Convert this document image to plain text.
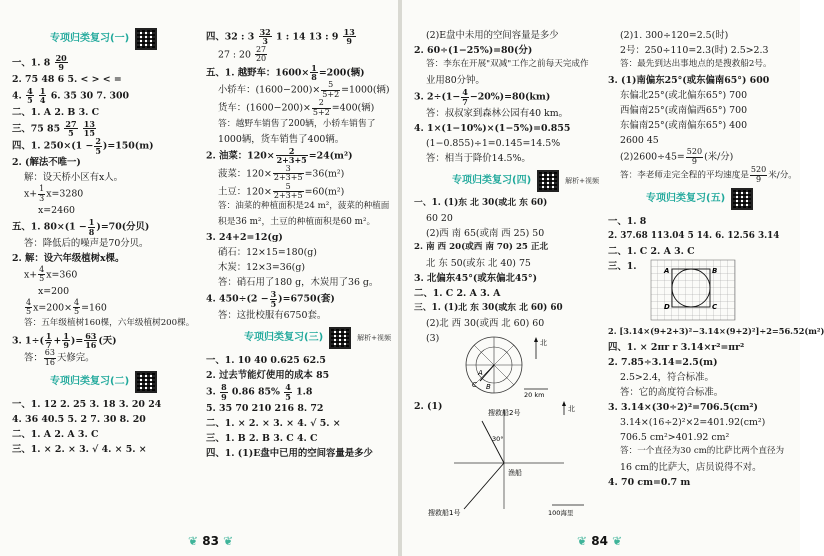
专项归类复习(一)
一、1. $8 \frac{20}{9}$
2. 75 48 6 5. < > < =
4. $\frac{4}{5}$
$\frac{1}{4} 6$. 35 30 7. 300
二、1. A 2. B 3. C
三、75 $85 \frac{27}{5}$
$\frac{13}{15}$
四、1. $250\times(1 - \frac{2}{5} )=150(m)$
2. (解法不唯一)
解：设天桥小区有x人。
$x+ \frac{1}{3} x=3280$
x=2460
五、1. $80\times(1 - \frac{1}{8} )=70$(分贝)
答：降低后的噪声是70分贝。
2. 解：设六年级植树x棵。
$x+ \frac{4}{5} x=360$
x=200
$\frac{4}{5} x=200\times \frac{4}{5} =160$
答：五年级植树160棵，六年级植树200棵。
3. $1\div( \frac{1}{7} + \frac{1}{9}$ )= $\frac{63}{16}$ (天)
答： $\frac{63}{16}$ 天修完。
专项归类复习(二)
一、1. 12 2. 25 3. 18 3. 20 24
4. 36 40.5 5. 2 7. 30 8. 20
二、1. A 2. A 3. C
三、1. × 2. × 3. √ 4. × 5. ×
四、32 : $3 \frac{32}{3} 1$ : 14 13 : $9 \frac{13}{9}$
27 : $20 \frac{27}{20}$
五、1. 越野车：$1600\times \frac{1}{8} =200$(辆)
小轿车：$(1600-200)\times \frac{5}{5+2} =1000$(辆)
货车：$(1600-200)\times \frac{2}{5+2} =400$(辆)
答：越野车销售了200辆，小轿车销售了
1000辆，货车销售了400辆。
2. 油菜：$120\times \frac{2}{2+3+5} =24(m^2)$
菠菜：$120\times \frac{3}{2+3+5} =36(m^2)$
土豆：$120\times \frac{5}{2+3+5} =60(m^2)$
答：油菜的种植面积是24 m²，菠菜的种植面
积是36 m²，土豆的种植面积是60 m²。
3. 24+2=12(g)
硝石：12×15=180(g)
木炭：12×3=36(g)
答：硝石用了180 g，木炭用了36 g。
4. $450\div(2 - \frac{3}{5} )=6750$(套)
答：这批校服有6750套。
专项归类复习(三)	解析+视频
一、1. 10 40 0.625 62.5
2. 过去节能灯使用的成本 85
3. $\frac{8}{9} 0.86$ $85\% \frac{4}{5} 1.8$
5. 35 70 210 216 8. 72
二、1. × 2. × 3. × 4. √ 5. ×
三、1. B 2. B 3. C 4. C
四、1. (1)E盘中已用的空间容量是多少
❦ 83 ❦
(2)E盘中未用的空间容量是多少
2. 60÷(1−25%)=80(分)
答：李东在开展"双减"工作之前每天完成作
业用80分钟。
3. $2\div(1- \frac{4}{7} -20\%)=80(km)$
答：叔叔家到森林公园有40 km。
4. 1×(1−10%)×(1−5%)=0.855
(1−0.855)÷1=0.145=14.5%
答：相当于降价14.5%。
专项归类复习(四)	解析+视频
一、1. (1)东 北 30(或北 东 60)
60 20
(2)西 南 65(或南 西 25) 50
2. 南 西 20(或西 南 70) 25 正北
北 东 50(或东 北 40) 75
3. 北偏东45°(或东偏北45°)
二、1. C 2. A 3. A
三、1. (1)北 东 30(或东 北 60) 60
(2)北 西 30(或西 北 60) 60
(3)
A
B
C
北
20 km
2. (1)
搜救船2号
30°
渔船
搜救船1号
北
100海里
(2)1. 300÷120=2.5(时)
2号：250÷110=2.3(时) 2.5>2.3
答：最先到达出事地点的是搜救船2号。
3. (1)南偏东25°(或东偏南65°) 600
东偏北25°(或北偏东65°) 700
西偏南25°(或南偏西65°) 700
东偏南25°(或南偏东65°) 400
2600 45
$(2)2600\div 45= \frac{520}{9}$ (米/分)
答：李老师走完全程的平均速度是 $\frac{520}{9}$ 米/分。
专项归类复习(五)
一、1. 8
2. 37.68 113.04 5 14. 6. 12.56 3.14
二、1. C 2. A 3. C
三、1.	A	B
D	C
2. [3.14×(9+2+3)²−3.14×(9+2)²]÷2=56.52(m²)
四、1. × 2πr r 3.14×r²=πr²
2. 7.85÷3.14=2.5(m)
2.5>2.4，符合标准。
答：它的高度符合标准。
3. 3.14×(30÷2)²=706.5(cm²)
3.14×(16÷2)²×2=401.92(cm²)
706.5 cm²>401.92 cm²
答：一个直径为30 cm的比萨比两个直径为
16 cm的比萨大，店员说得不对。
4. 70 cm=0.7 m
❦ 84 ❦
